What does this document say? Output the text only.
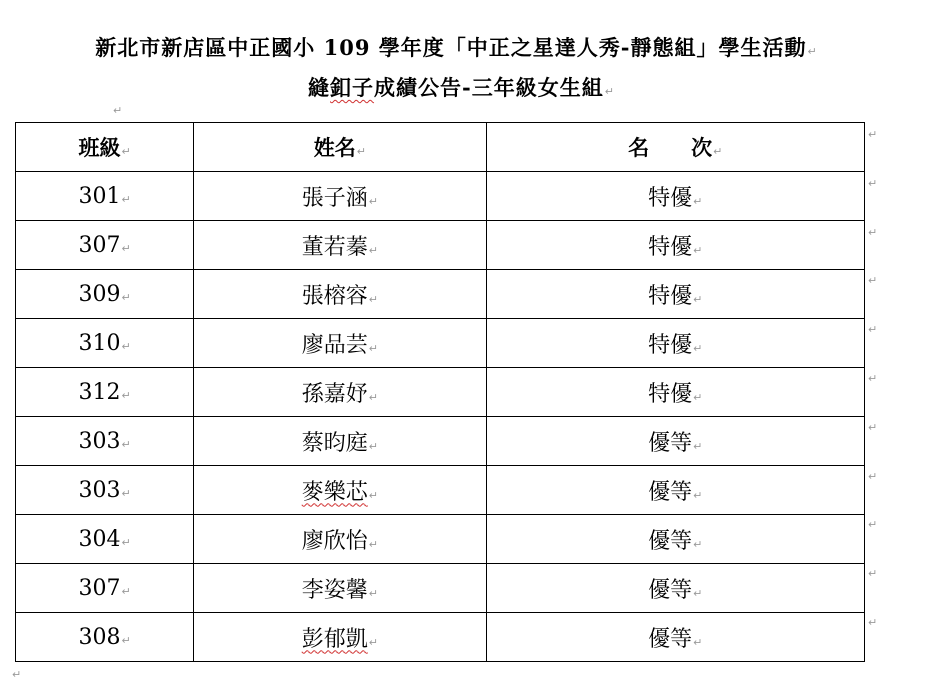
新北市新店區中正國小 109 學年度「中正之星達人秀-靜態組」學生活動↵
縫釦子成績公告-三年級女生組↵
↵
班級↵	姓名↵	名　　次↵
301↵	張子涵↵	特優↵
307↵	董若蓁↵	特優↵
309↵	張榕容↵	特優↵
310↵	廖品芸↵	特優↵
312↵	孫嘉妤↵	特優↵
303↵	蔡昀庭↵	優等↵
303↵	麥樂芯↵	優等↵
304↵	廖欣怡↵	優等↵
307↵	李姿馨↵	優等↵
308↵	彭郁凱↵	優等↵
↵
↵
↵
↵
↵
↵
↵
↵
↵
↵
↵
↵
